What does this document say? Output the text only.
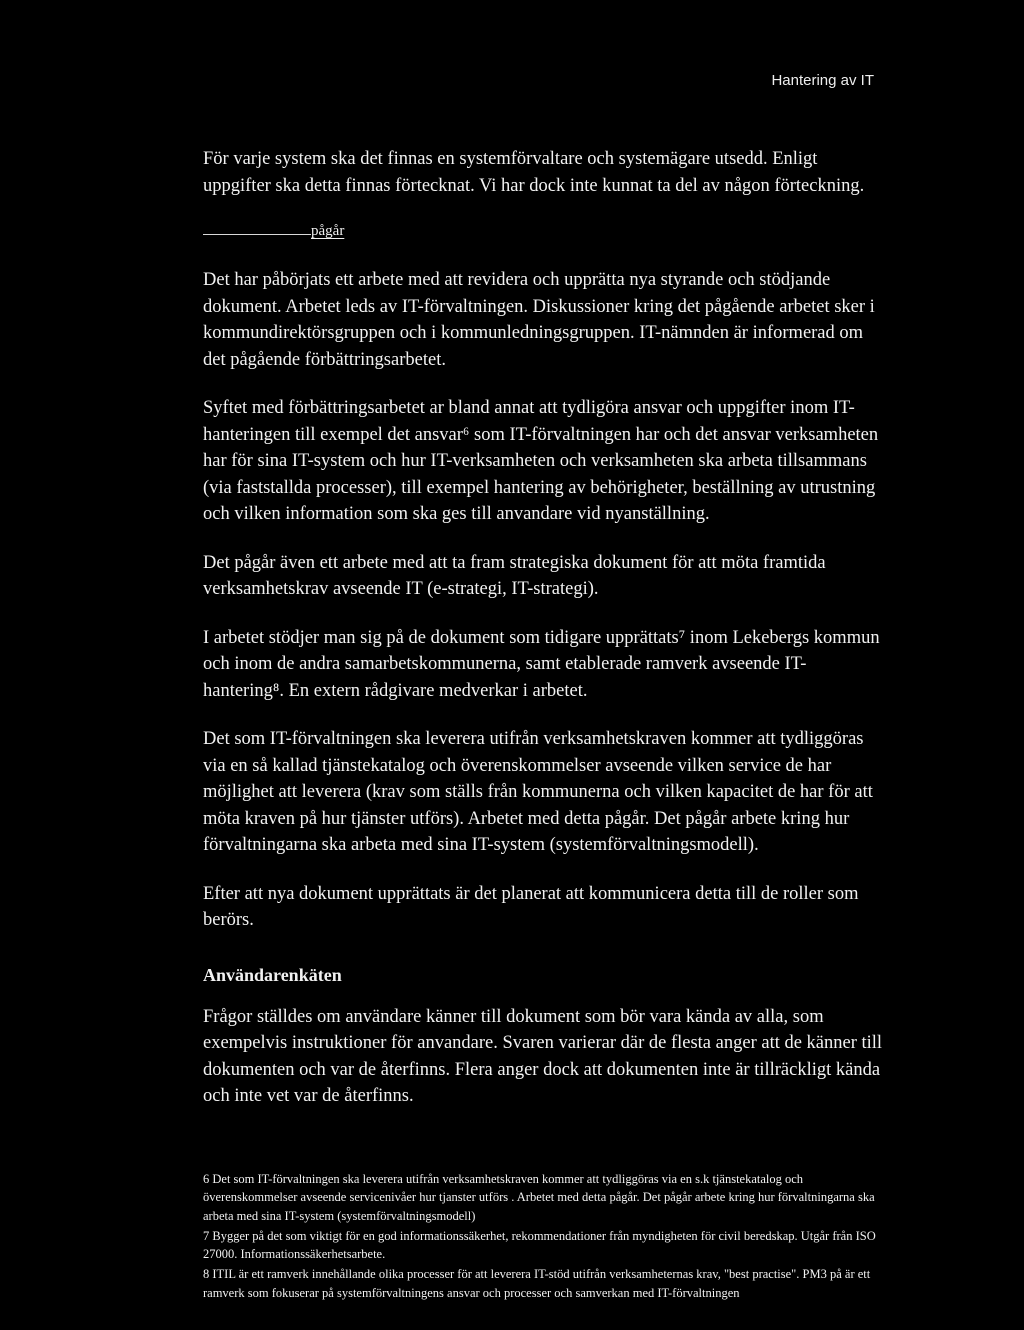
Hantering av IT

För varje system ska det finnas en systemförvaltare och systemägare utsedd. Enligt uppgifter ska detta finnas förtecknat. Vi har dock inte kunnat ta del av någon förteckning.

pågår

Det har påbörjats ett arbete med att revidera och upprätta nya styrande och stödjande dokument. Arbetet leds av IT-förvaltningen. Diskussioner kring det pågående arbetet sker i kommundirektörsgruppen och i kommunledningsgruppen. IT-nämnden är informerad om det pågående förbättringsarbetet.

Syftet med förbättringsarbetet ar bland annat att tydligöra ansvar och uppgifter inom IT-hanteringen till exempel det ansvar⁶ som IT-förvaltningen har och det ansvar verksamheten har för sina IT-system och hur IT-verksamheten och verksamheten ska arbeta tillsammans (via faststallda processer), till exempel hantering av behörigheter, beställning av utrustning och vilken information som ska ges till anvandare vid nyanställning.

Det pågår även ett arbete med att ta fram strategiska dokument för att möta framtida verksamhetskrav avseende IT (e-strategi, IT-strategi).

I arbetet stödjer man sig på de dokument som tidigare upprättats⁷ inom Lekebergs kommun och inom de andra samarbetskommunerna, samt etablerade ramverk avseende IT-hantering⁸. En extern rådgivare medverkar i arbetet.

Det som IT-förvaltningen ska leverera utifrån verksamhetskraven kommer att tydliggöras via en så kallad tjänstekatalog och överenskommelser avseende vilken service de har möjlighet att leverera (krav som ställs från kommunerna och vilken kapacitet de har för att möta kraven på hur tjänster utförs). Arbetet med detta pågår. Det pågår arbete kring hur förvaltningarna ska arbeta med sina IT-system (systemförvaltningsmodell).

Efter att nya dokument upprättats är det planerat att kommunicera detta till de roller som berörs.

Användarenkäten

Frågor ställdes om användare känner till dokument som bör vara kända av alla, som exempelvis instruktioner för anvandare. Svaren varierar där de flesta anger att de känner till dokumenten och var de återfinns. Flera anger dock att dokumenten inte är tillräckligt kända och inte vet var de återfinns.

6 Det som IT-förvaltningen ska leverera utifrån verksamhetskraven kommer att tydliggöras via en s.k tjänstekatalog och överenskommelser avseende servicenivåer hur tjanster utförs . Arbetet med detta pågår. Det pågår arbete kring hur förvaltningarna ska arbeta med sina IT-system (systemförvaltningsmodell)
7 Bygger på det som viktigt för en god informationssäkerhet, rekommendationer från myndigheten för civil beredskap. Utgår från ISO 27000. Informationssäkerhetsarbete.
8 ITIL är ett ramverk innehållande olika processer för att leverera IT-stöd utifrån verksamheternas krav, "best practise". PM3 på är ett ramverk som fokuserar på systemförvaltningens ansvar och processer och samverkan med IT-förvaltningen
